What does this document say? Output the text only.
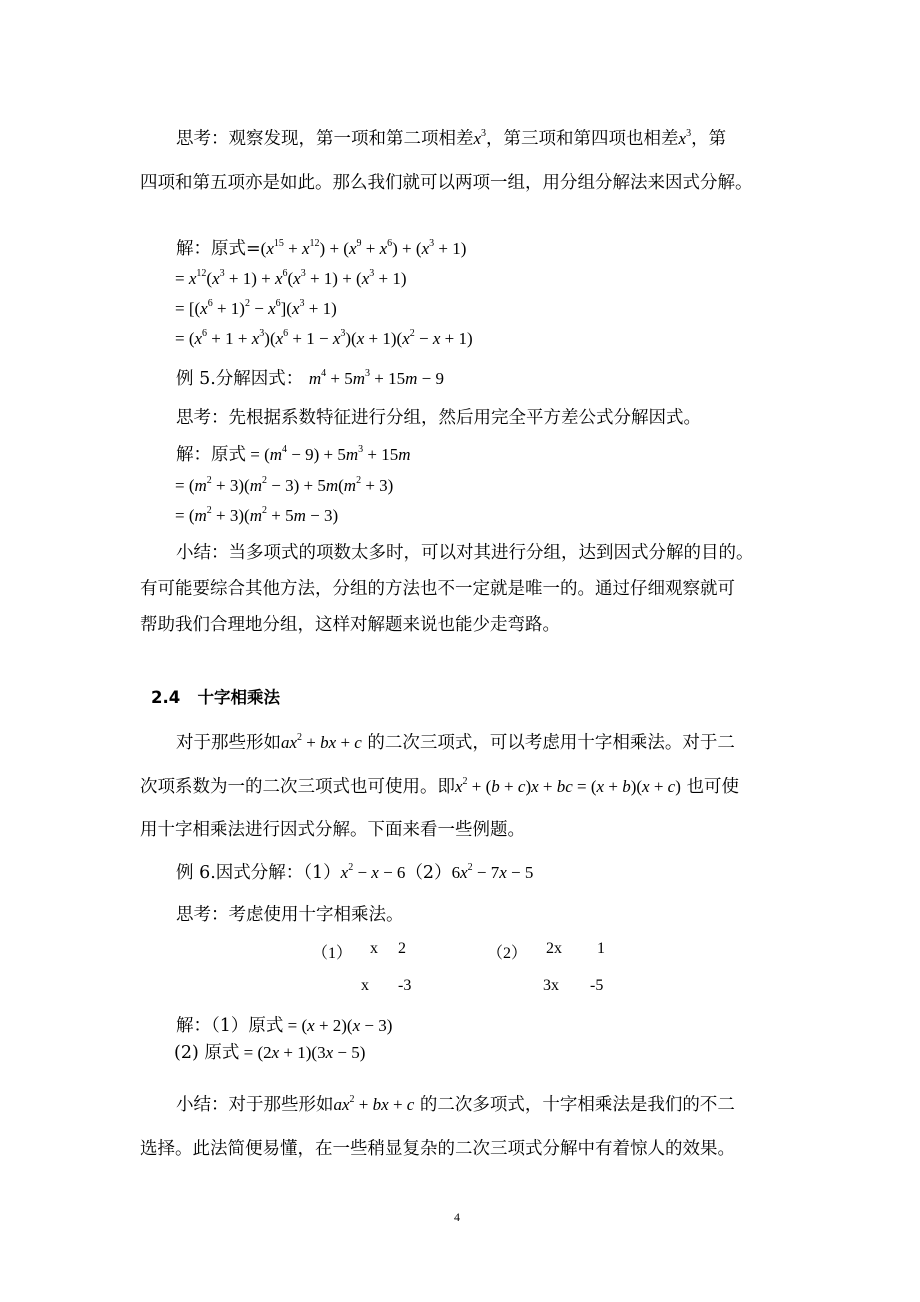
思考：观察发现，第一项和第二项相差$x^3$，第三项和第四项也相差$x^3$，第
四项和第五项亦是如此。那么我们就可以两项一组，用分组分解法来因式分解。
解：原式$=(x^{15} + x^{12}) + (x^9 + x^6) + (x^3 + 1)$
= $x^{12}(x^3 + 1) + x^6(x^3 + 1) + (x^3 + 1)$
= $[(x^6 + 1)^2 - x^6](x^3 + 1)$
= $(x^6 + 1 + x^3)(x^6 + 1 - x^3)(x + 1)(x^2 - x + 1)$
例 5.分解因式： $m^4 + 5m^3 + 15m - 9$
思考：先根据系数特征进行分组，然后用完全平方差公式分解因式。
解：原式 = $(m^4 - 9) + 5m^3 + 15m$
= $(m^2 + 3)(m^2 - 3) + 5m(m^2 + 3)$
= $(m^2 + 3)(m^2 + 5m - 3)$
小结：当多项式的项数太多时，可以对其进行分组，达到因式分解的目的。
有可能要综合其他方法，分组的方法也不一定就是唯一的。通过仔细观察就可
帮助我们合理地分组，这样对解题来说也能少走弯路。
2.4 十字相乘法
对于那些形如$ax^2$ + bx + c 的二次三项式，可以考虑用十字相乘法。对于二
次项系数为一的二次三项式也可使用。即$x^2 + (b + c)x$ + bc = (x + b)(x + c) 也可使
用十字相乘法进行因式分解。下面来看一些例题。
例 6.因式分解：$(1)x^2 - x - 6(2)6x^2 - 7x - 5$
思考：考虑使用十字相乘法。
（1） x 2
x -3
（2） 2x 1
3x -5
解：（1）原式 = (x + 2)(x − 3)
(2) 原式 = (2x + 1)(3x − 5)
小结：对于那些形如$ax^2$ + bx + c 的二次多项式，十字相乘法是我们的不二
选择。此法简便易懂，在一些稍显复杂的二次三项式分解中有着惊人的效果。
4
